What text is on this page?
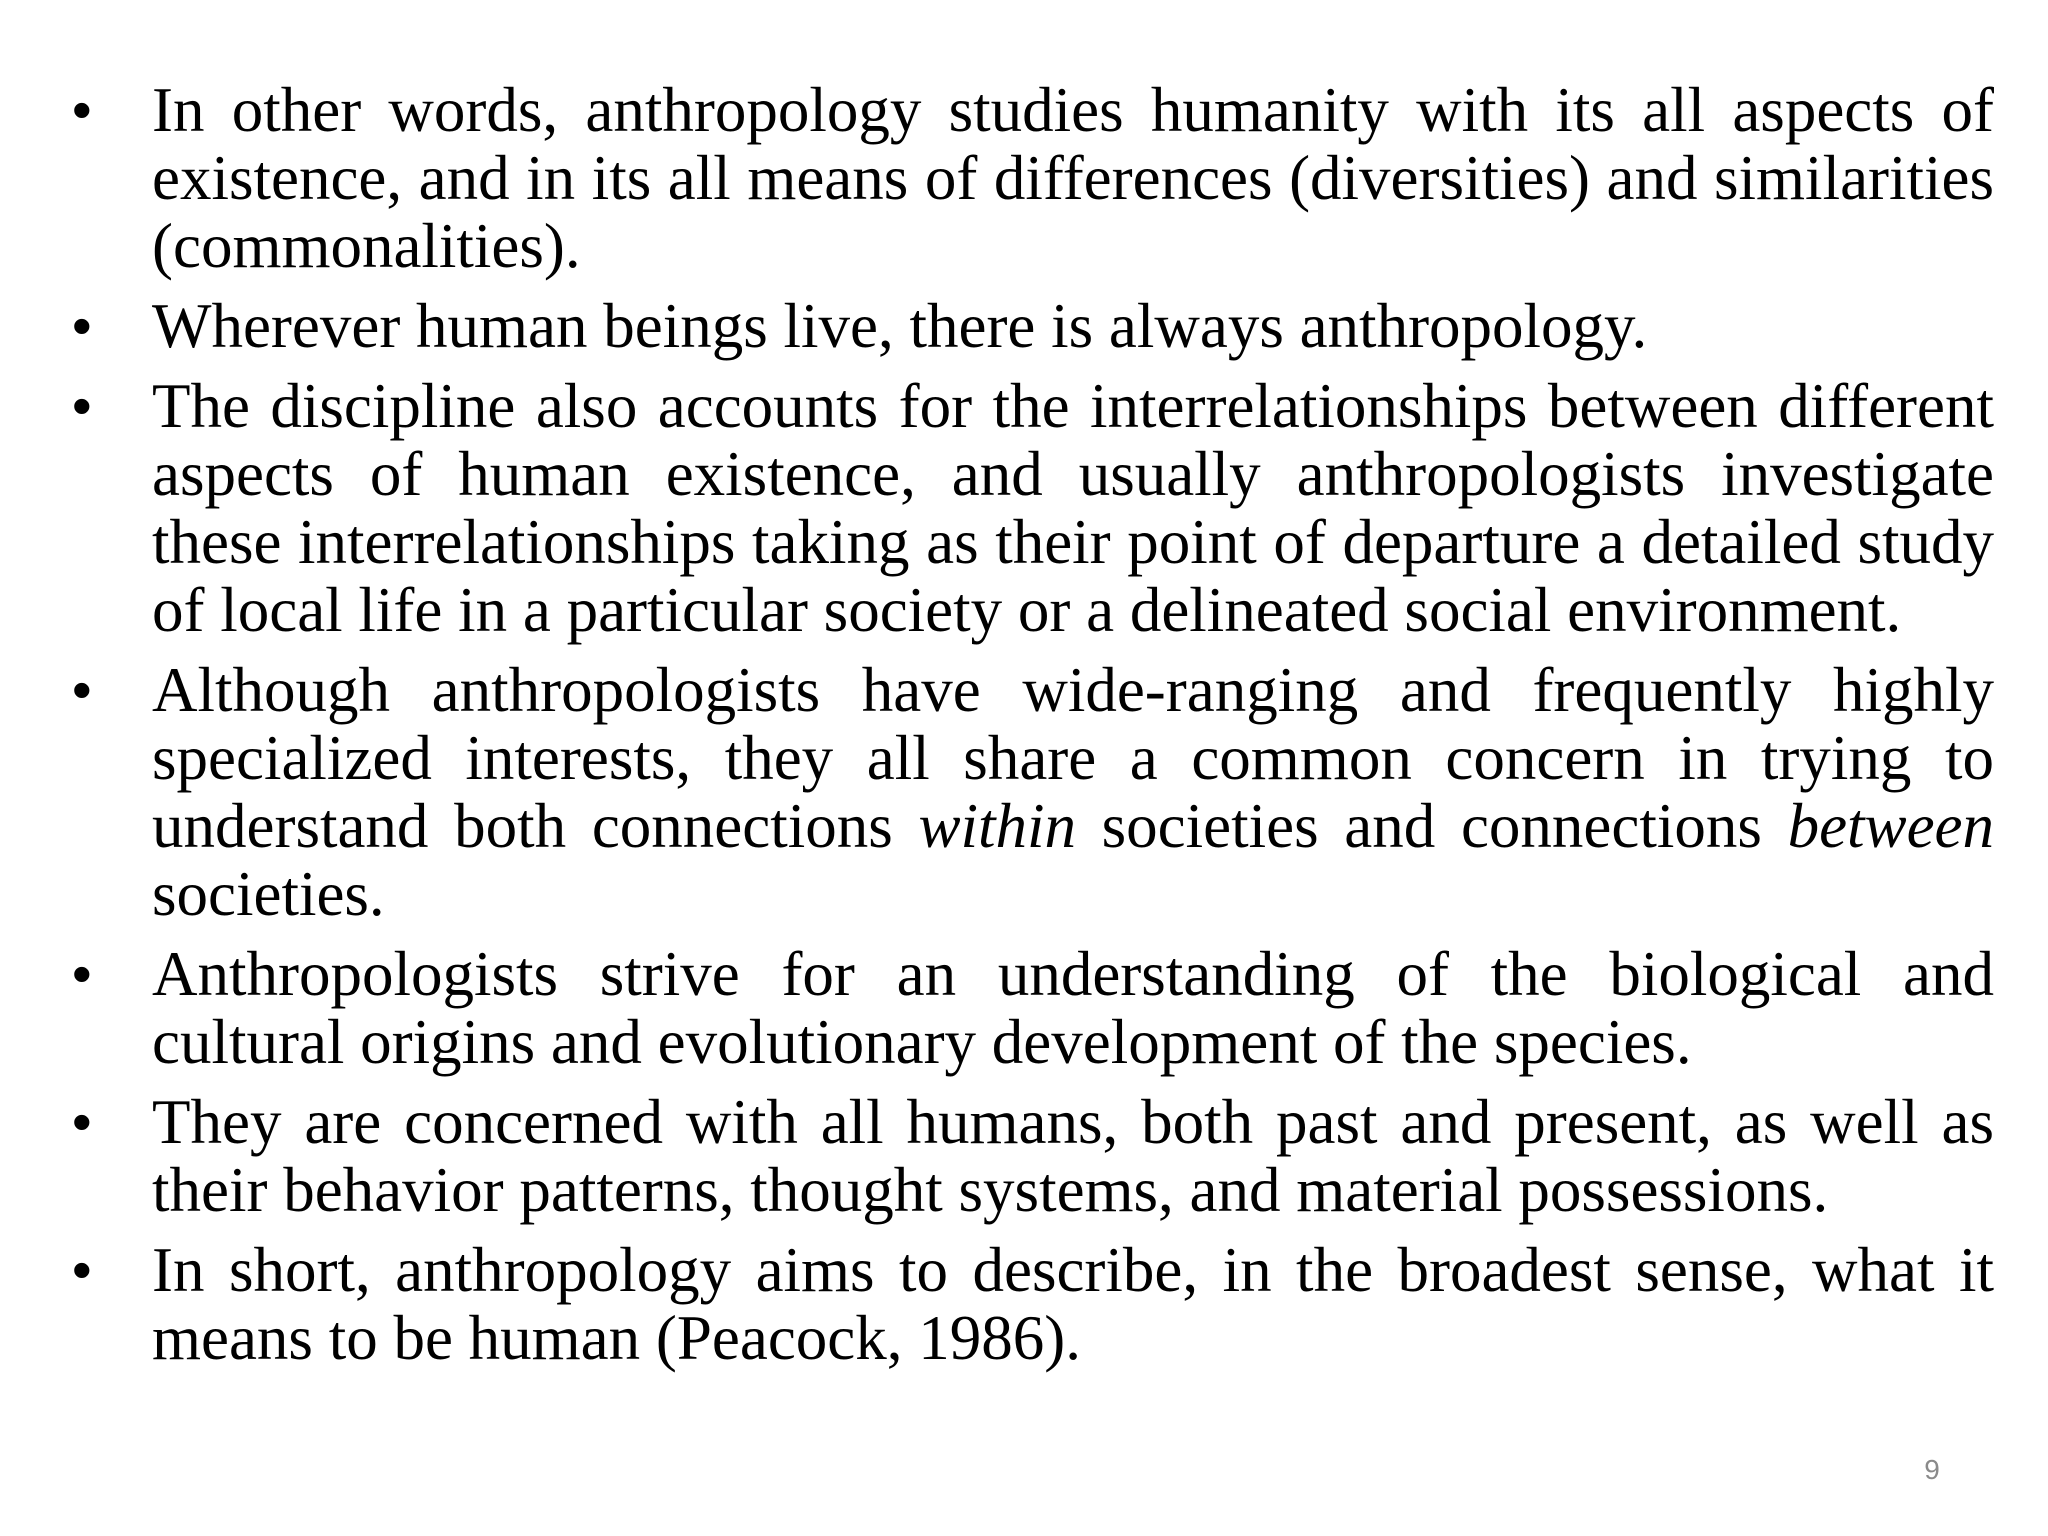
• In other words, anthropology studies humanity with its all aspects of existence, and in its all means of differences (diversities) and similarities (commonalities).
• Wherever human beings live, there is always anthropology.
• The discipline also accounts for the interrelationships between different aspects of human existence, and usually anthropologists investigate these interrelationships taking as their point of departure a detailed study of local life in a particular society or a delineated social environment.
• Although anthropologists have wide-ranging and frequently highly specialized interests, they all share a common concern in trying to understand both connections within societies and connections between societies.
• Anthropologists strive for an understanding of the biological and cultural origins and evolutionary development of the species.
• They are concerned with all humans, both past and present, as well as their behavior patterns, thought systems, and material possessions.
• In short, anthropology aims to describe, in the broadest sense, what it means to be human (Peacock, 1986).
9
